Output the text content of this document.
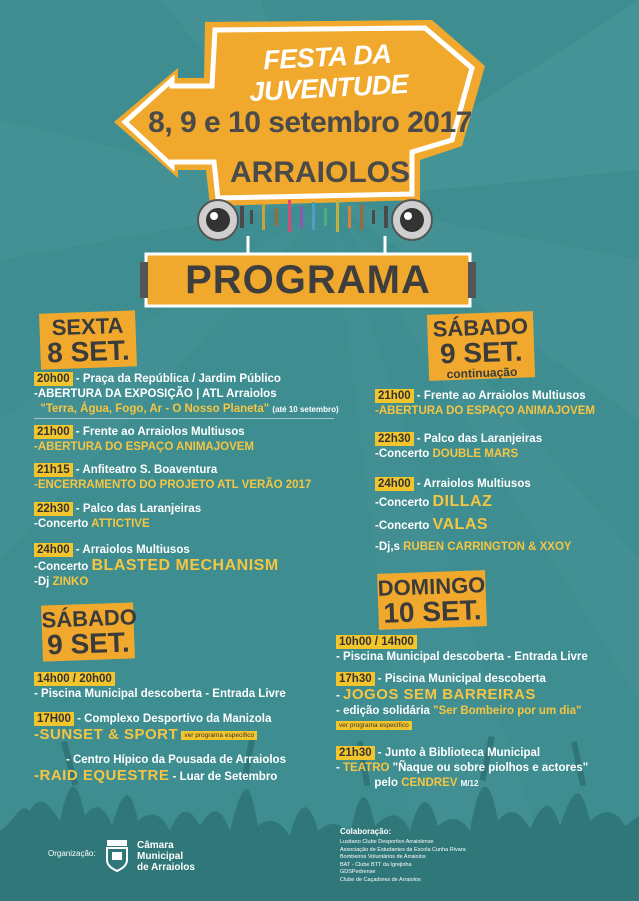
FESTA DA JUVENTUDE
8, 9 e 10 setembro 2017
ARRAIOLOS
PROGRAMA
SEXTA
8 SET.
20h00 - Praça da República / Jardim Público
-ABERTURA DA EXPOSIÇÃO | ATL Arraiolos
"Terra, Água, Fogo, Ar - O Nosso Planeta" (até 10 setembro)
21h00 - Frente ao Arraiolos Multiusos
-ABERTURA DO ESPAÇO ANIMAJOVEM
21h15 - Anfiteatro S. Boaventura
-ENCERRAMENTO DO PROJETO ATL VERÃO 2017
22h30 - Palco das Laranjeiras
-Concerto ATTICTIVE
24h00 - Arraiolos Multiusos
-Concerto BLASTED MECHANISM
-Dj ZINKO
SÁBADO
9 SET.
14h00 / 20h00
- Piscina Municipal descoberta - Entrada Livre
17H00 - Complexo Desportivo da Manizola
-SUNSET & SPORT ver programa específico
- Centro Hípico da Pousada de Arraiolos
-RAID EQUESTRE - Luar de Setembro
SÁBADO
9 SET.
continuação
21h00 - Frente ao Arraiolos Multiusos
-ABERTURA DO ESPAÇO ANIMAJOVEM
22h30 - Palco das Laranjeiras
-Concerto DOUBLE MARS
24h00 - Arraiolos Multiusos
-Concerto DILLAZ
-Concerto VALAS
-Dj,s RUBEN CARRINGTON & XXOY
DOMINGO
10 SET.
10h00 / 14h00
- Piscina Municipal descoberta - Entrada Livre
17h30 - Piscina Municipal descoberta
- JOGOS SEM BARREIRAS
- edição solidária "Ser Bombeiro por um dia"
ver programa específico
21h30 - Junto à Biblioteca Municipal
- TEATRO "Ñaque ou sobre piolhos e actores"
pelo CENDREV M/12
Organização:
Câmara
Municipal
de Arraiolos
Colaboração:
Lusitano Clube Desportivo Arraiolense
Associação de Estudantes da Escola Cunha Rivara
Bombeiros Voluntários de Arraiolos
BAT - Clube BTT da Igrejinha
GDSPedrense
Clube de Caçadores de Arraiolos
